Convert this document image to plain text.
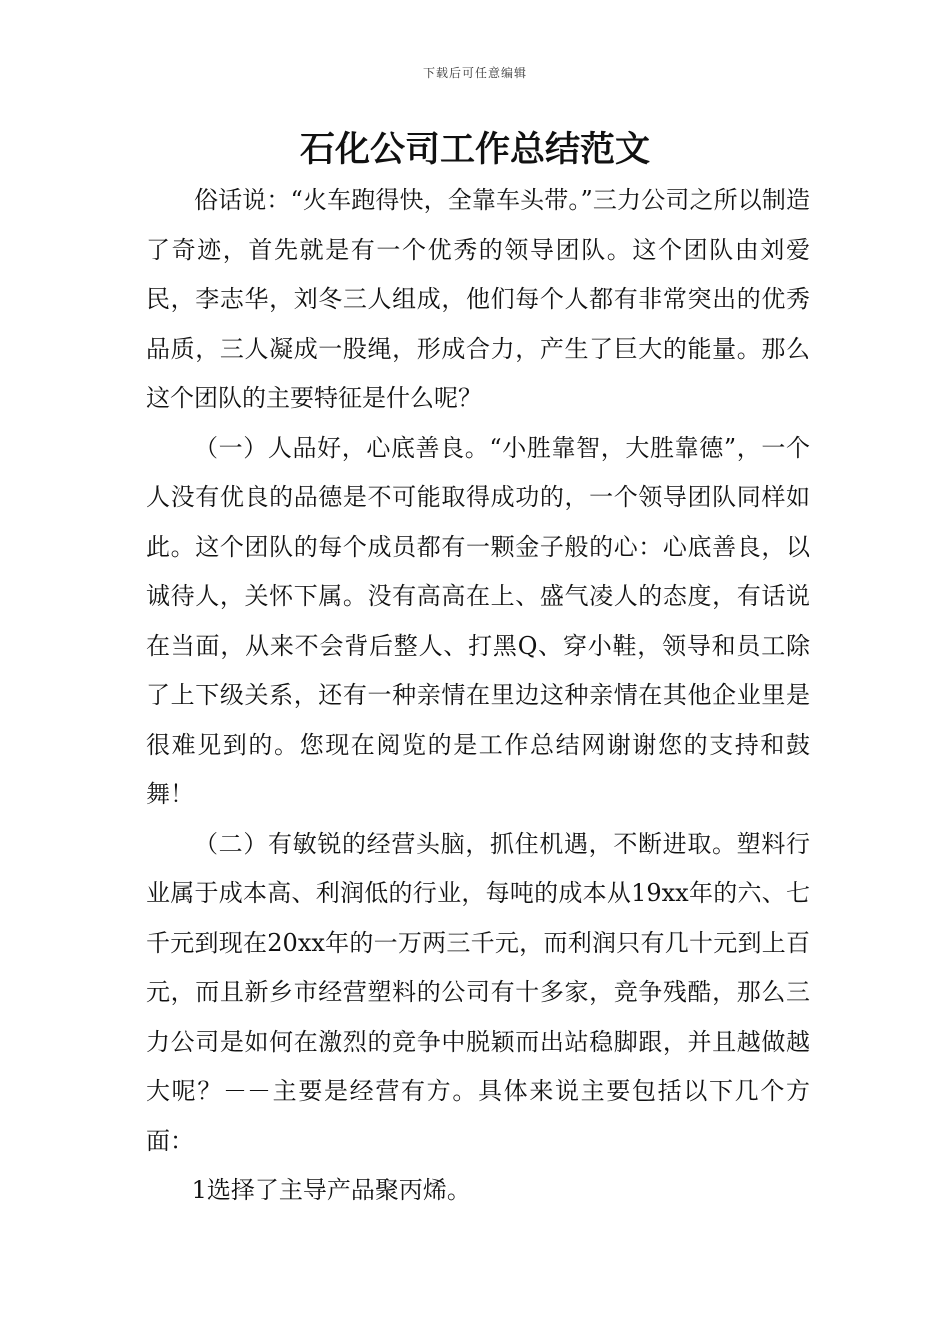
下载后可任意编辑
石化公司工作总结范文

俗话说：“火车跑得快，全靠车头带。”三力公司之所以制造了奇迹，首先就是有一个优秀的领导团队。这个团队由刘爱民，李志华，刘冬三人组成，他们每个人都有非常突出的优秀品质，三人凝成一股绳，形成合力，产生了巨大的能量。那么这个团队的主要特征是什么呢？

（一）人品好，心底善良。“小胜靠智，大胜靠德”，一个人没有优良的品德是不可能取得成功的，一个领导团队同样如此。这个团队的每个成员都有一颗金子般的心：心底善良，以诚待人，关怀下属。没有高高在上、盛气凌人的态度，有话说在当面，从来不会背后整人、打黑Q、穿小鞋，领导和员工除了上下级关系，还有一种亲情在里边这种亲情在其他企业里是很难见到的。您现在阅览的是工作总结网谢谢您的支持和鼓舞！

（二）有敏锐的经营头脑，抓住机遇，不断进取。塑料行业属于成本高、利润低的行业，每吨的成本从19xx年的六、七千元到现在20xx年的一万两三千元，而利润只有几十元到上百元，而且新乡市经营塑料的公司有十多家，竞争残酷，那么三力公司是如何在激烈的竞争中脱颖而出站稳脚跟，并且越做越大呢？－－主要是经营有方。具体来说主要包括以下几个方面：

1选择了主导产品聚丙烯。
